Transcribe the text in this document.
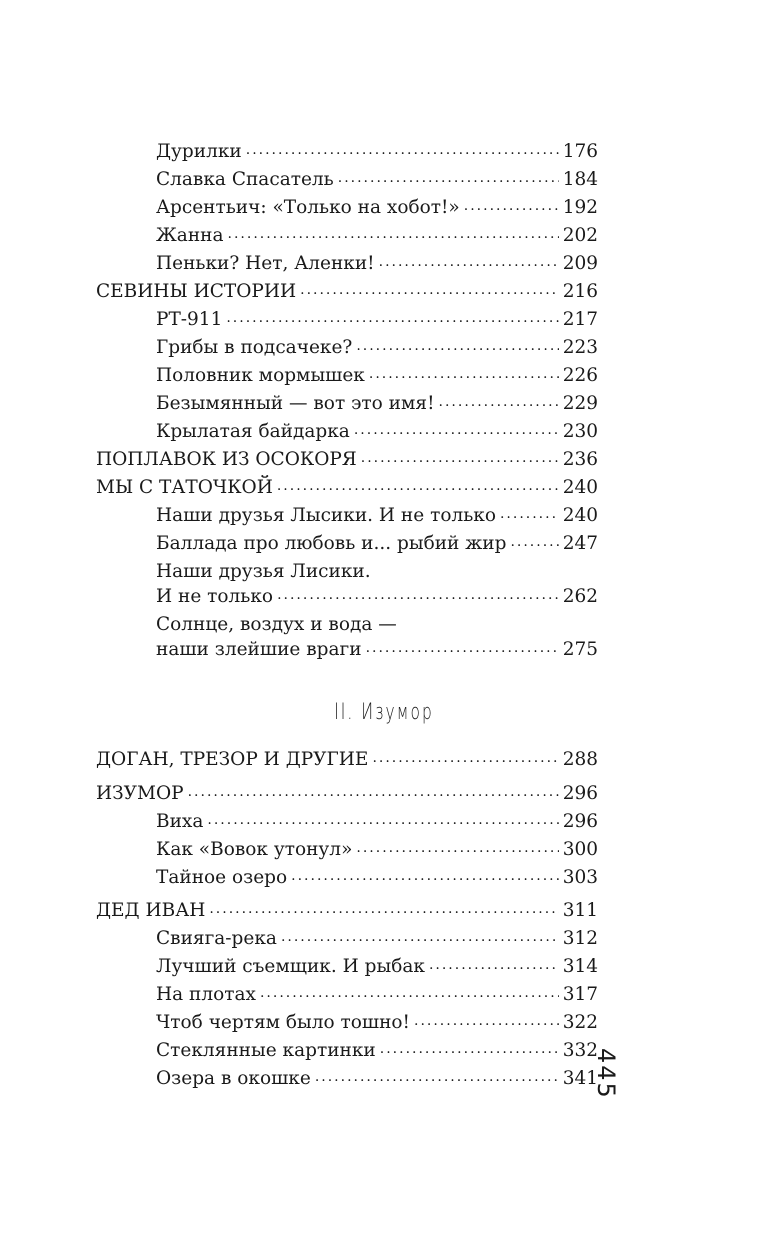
Дурилки .....	176
Славка Спасатель .....	184
Арсентьич: «Только на хобот!» .....	192
Жанна .....	202
Пеньки? Нет, Аленки! .....	209
СЕВИНЫ ИСТОРИИ .....	216
РТ-911 .....	217
Грибы в подсачеке? .....	223
Половник мормышек .....	226
Безымянный — вот это имя! .....	229
Крылатая байдарка .....	230
ПОПЛАВОК ИЗ ОСОКОРЯ .....	236
МЫ С ТАТОЧКОЙ .....	240
Наши друзья Лысики. И не только .....	240
Баллада про любовь и... рыбий жир .....	247
Наши друзья Лисики.
И не только .....	262
Солнце, воздух и вода —
наши злейшие враги .....	275
ДОГАН, ТРЕЗОР И ДРУГИЕ .....	288
ИЗУМОР .....	296
Виха .....	296
Как «Вовок утонул» .....	300
Тайное озеро .....	303
ДЕД ИВАН .....	311
Свияга-река .....	312
Лучший съемщик. И рыбак .....	314
На плотах .....	317
Чтоб чертям было тошно! .....	322
Стеклянные картинки .....	332
Озера в окошке .....	341
II. Изумор
445
